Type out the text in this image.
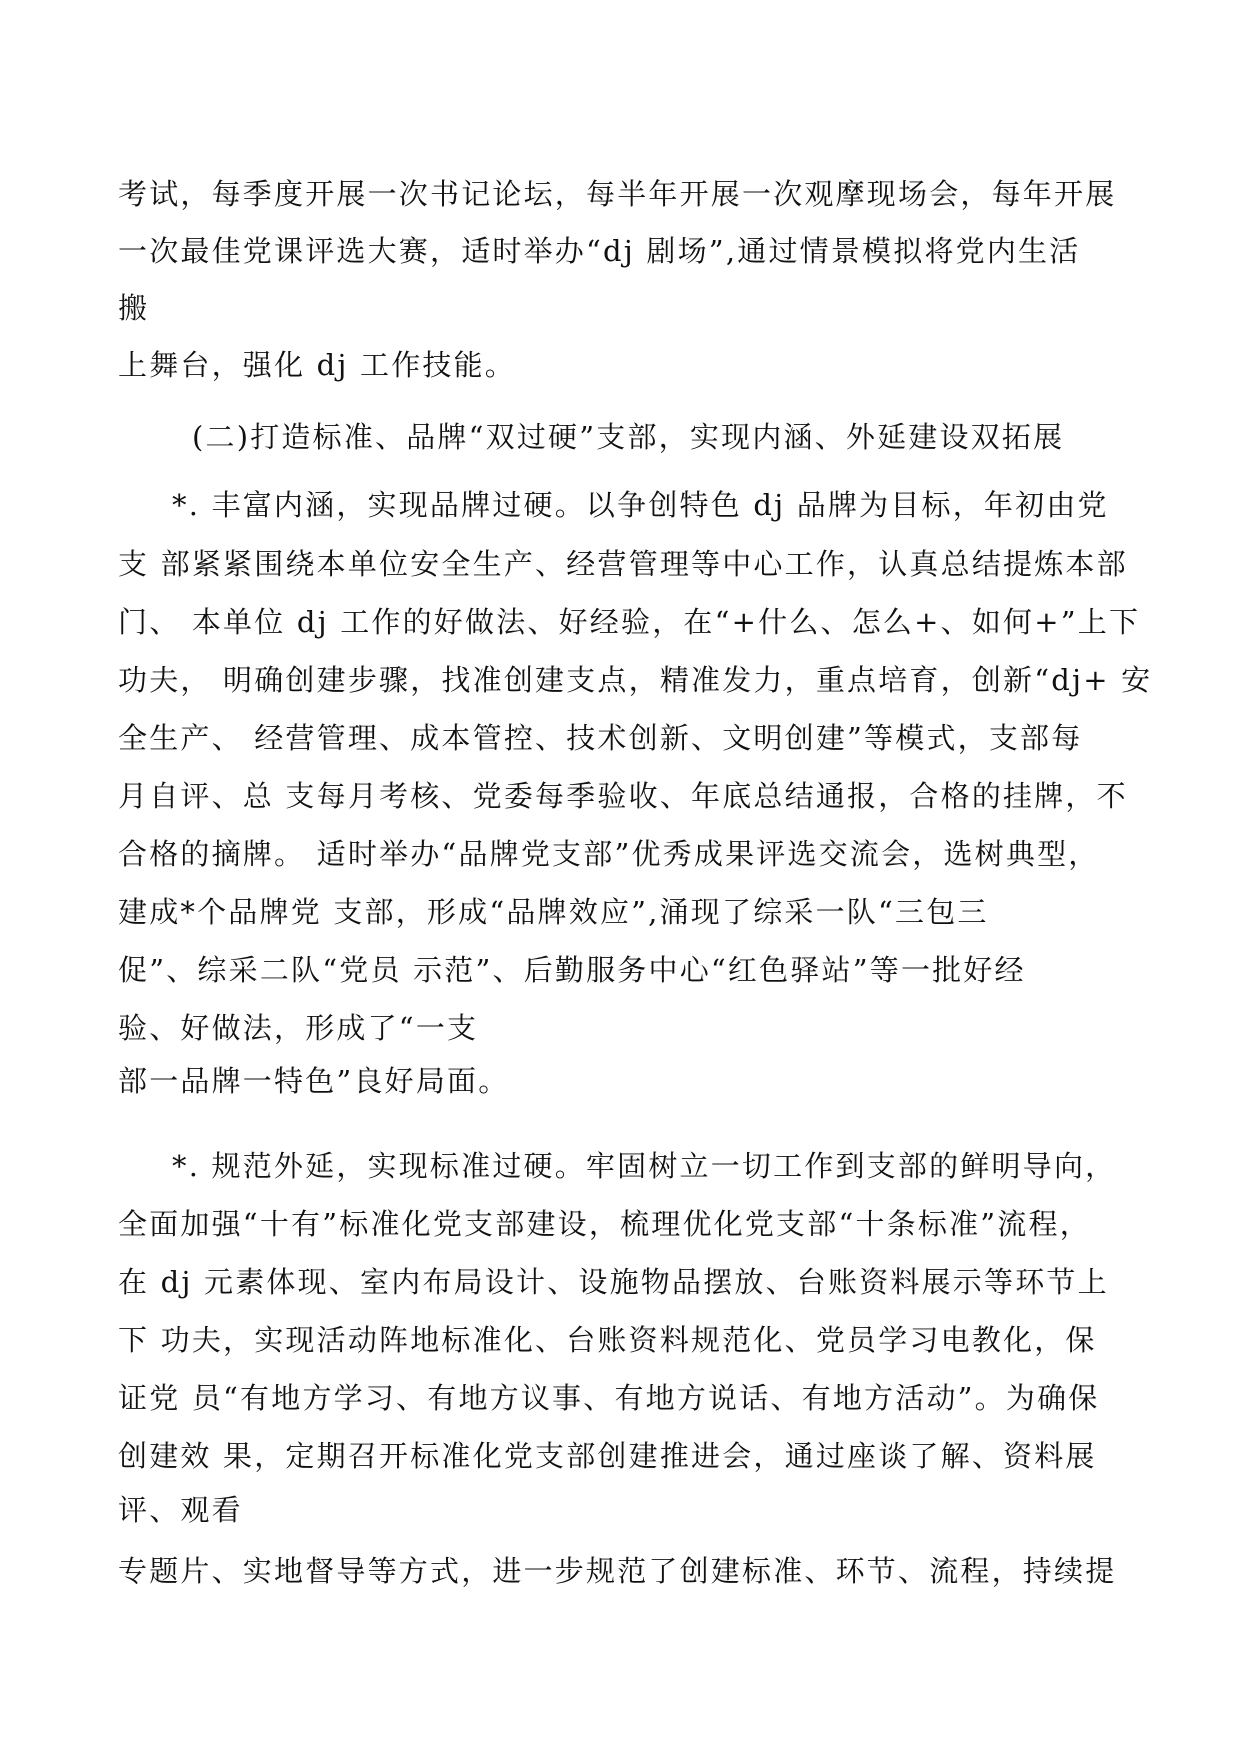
考试，每季度开展一次书记论坛，每半年开展一次观摩现场会，每年开展

一次最佳党课评选大赛，适时举办“dj 剧场”,通过情景模拟将党内生活

搬

上舞台，强化 dj 工作技能。

(二)打造标准、品牌“双过硬”支部，实现内涵、外延建设双拓展

*. 丰富内涵，实现品牌过硬。以争创特色 dj 品牌为目标，年初由党

支 部紧紧围绕本单位安全生产、经营管理等中心工作，认真总结提炼本部

门、 本单位 dj 工作的好做法、好经验，在“+什么、怎么+、如何+”上下

功夫， 明确创建步骤，找准创建支点，精准发力，重点培育，创新“dj+ 安

全生产、 经营管理、成本管控、技术创新、文明创建”等模式，支部每

月自评、总 支每月考核、党委每季验收、年底总结通报，合格的挂牌，不

合格的摘牌。 适时举办“品牌党支部”优秀成果评选交流会，选树典型，

建成*个品牌党 支部，形成“品牌效应”,涌现了综采一队“三包三

促”、综采二队“党员 示范”、后勤服务中心“红色驿站”等一批好经

验、好做法，形成了“一支

部一品牌一特色”良好局面。

*. 规范外延，实现标准过硬。牢固树立一切工作到支部的鲜明导向，

全面加强“十有”标准化党支部建设，梳理优化党支部“十条标准”流程，

在 dj 元素体现、室内布局设计、设施物品摆放、台账资料展示等环节上

下 功夫，实现活动阵地标准化、台账资料规范化、党员学习电教化，保

证党 员“有地方学习、有地方议事、有地方说话、有地方活动”。为确保

创建效 果，定期召开标准化党支部创建推进会，通过座谈了解、资料展

评、观看

专题片、实地督导等方式，进一步规范了创建标准、环节、流程，持续提
